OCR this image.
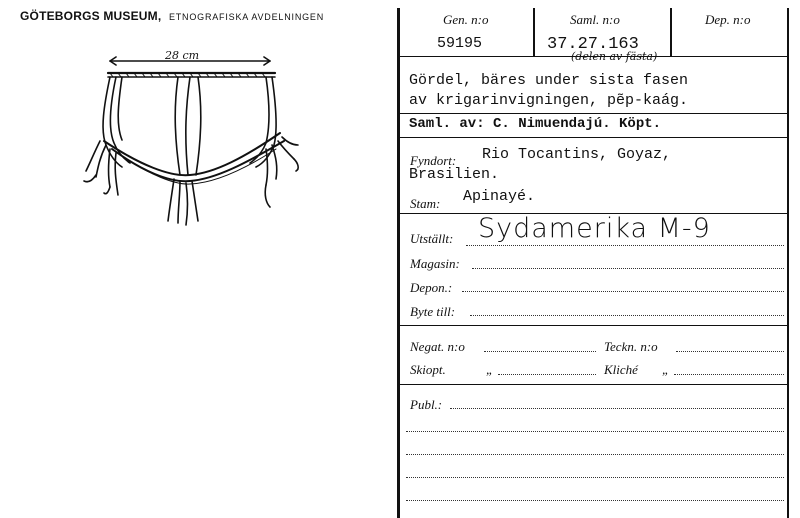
GÖTEBORGS MUSEUM, ETNOGRAFISKA AVDELNINGEN
28 cm
Gen. n:o	Saml. n:o	Dep. n:o
59195	37.27.163
(delen av fästa)
Gördel, bäres under sista fasen
av krigarinvigningen, pẽp-kaág.
Saml. av: C. Nimuendajú. Köpt.
Fyndort: Rio Tocantins, Goyaz,
Brasilien.
Stam: Apinayé.
Utställt: Sydamerika M-9
Magasin:
Depon.:
Byte till:
Negat. n:o	Teckn. n:o
Skiopt.	„	Kliché „
Publ.:
